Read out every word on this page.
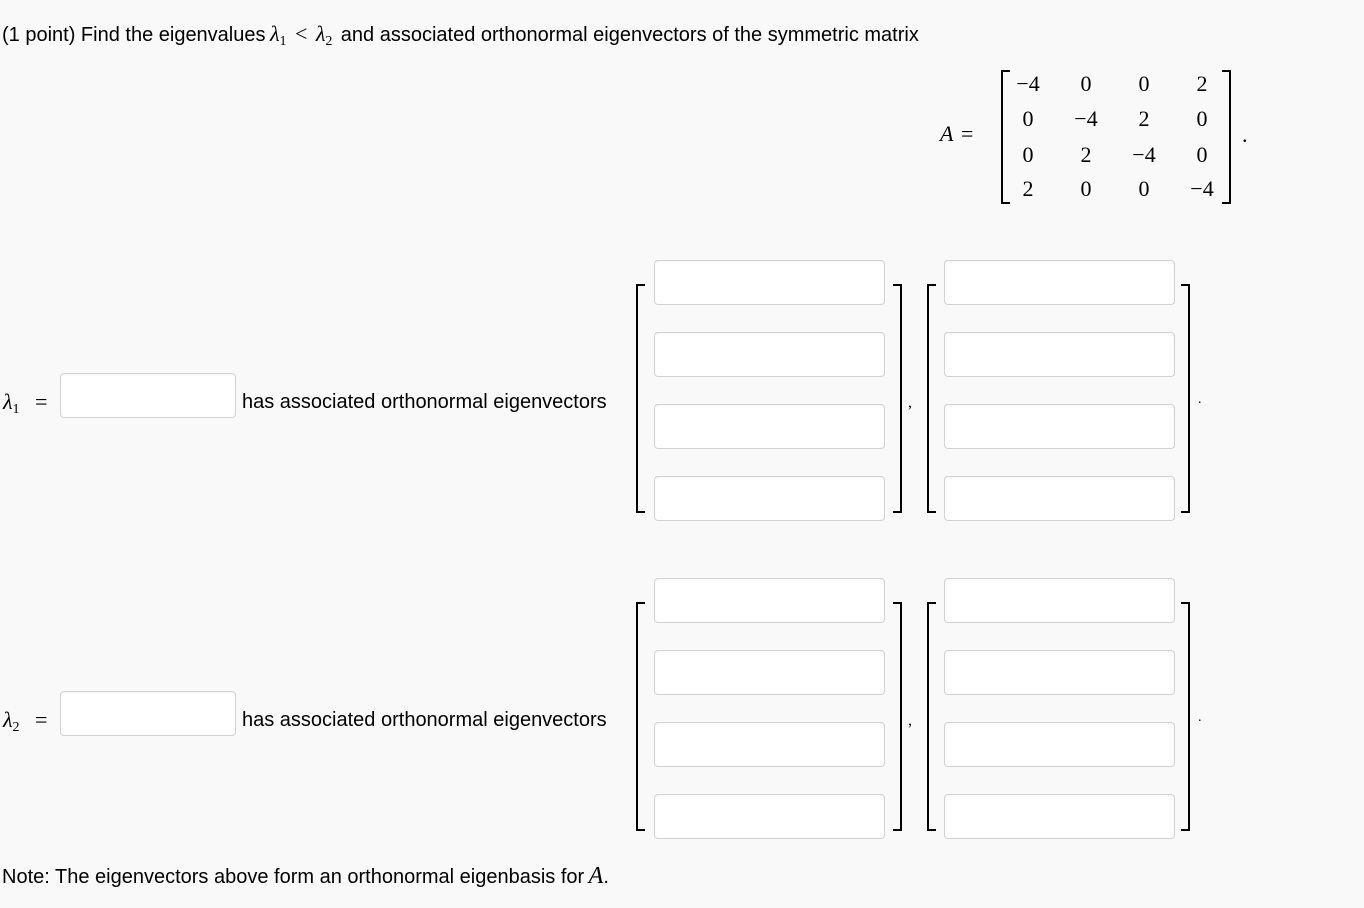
(1 point) Find the eigenvalues $\lambda_1 < \lambda_2$ and associated orthonormal eigenvectors of the symmetric matrix
A =
−4	0	0	2
0	−4	2	0
0	2	−4	0
2	0	0	−4
.
$\lambda_1$ =	has associated orthonormal eigenvectors	,	.
$\lambda_2$ =	has associated orthonormal eigenvectors	,	.
Note: The eigenvectors above form an orthonormal eigenbasis for A.
